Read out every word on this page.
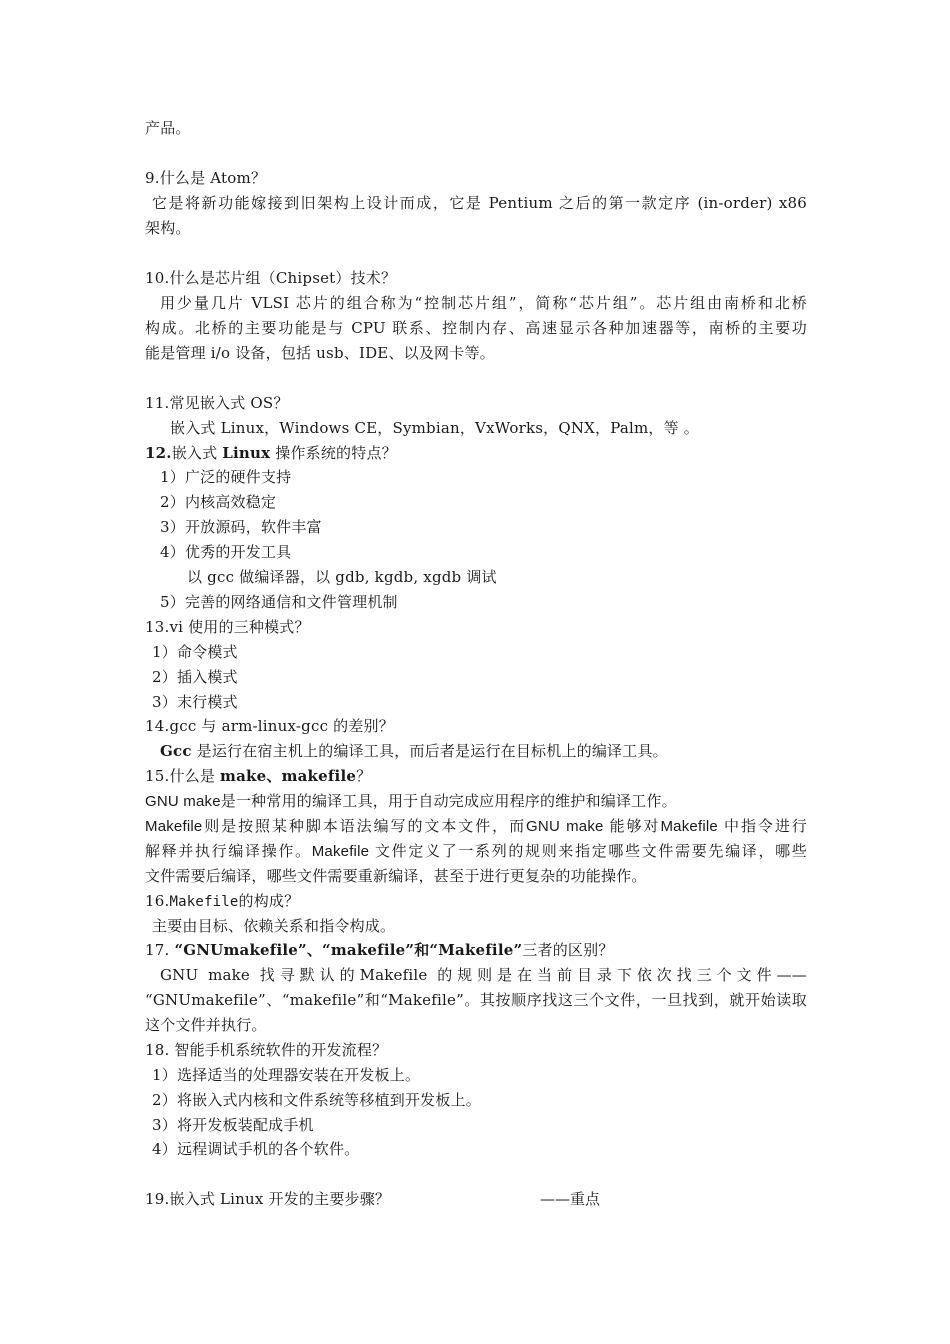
产品。
9.什么是 Atom？
它是将新功能嫁接到旧架构上设计而成，它是 Pentium 之后的第一款定序 (in-order) x86
架构。
10.什么是芯片组（Chipset）技术？
用少量几片 VLSI 芯片的组合称为“控制芯片组”，简称“芯片组”。芯片组由南桥和北桥
构成。北桥的主要功能是与 CPU 联系、控制内存、高速显示各种加速器等，南桥的主要功
能是管理 i/o 设备，包括 usb、IDE、以及网卡等。
11.常见嵌入式 OS？
嵌入式 Linux，Windows CE，Symbian，VxWorks，QNX，Palm，等 。
12.嵌入式 Linux 操作系统的特点？
1）广泛的硬件支持
2）内核高效稳定
3）开放源码，软件丰富
4）优秀的开发工具
以 gcc 做编译器，以 gdb, kgdb, xgdb 调试
5）完善的网络通信和文件管理机制
13.vi 使用的三种模式？
1）命令模式
2）插入模式
3）末行模式
14.gcc 与 arm-linux-gcc 的差别？
Gcc 是运行在宿主机上的编译工具，而后者是运行在目标机上的编译工具。
15.什么是 make、makefile？
GNU make是一种常用的编译工具，用于自动完成应用程序的维护和编译工作。
Makefile则是按照某种脚本语法编写的文本文件，而GNU make 能够对Makefile 中指令进行
解释并执行编译操作。Makefile 文件定义了一系列的规则来指定哪些文件需要先编译，哪些
文件需要后编译，哪些文件需要重新编译，甚至于进行更复杂的功能操作。
16.Makefile的构成？
主要由目标、依赖关系和指令构成。
17. “GNUmakefile”、“makefile”和“Makefile”三者的区别？
GNU make 找寻默认的Makefile 的规则是在当前目录下依次找三个文件——
“GNUmakefile”、“makefile”和“Makefile”。其按顺序找这三个文件，一旦找到，就开始读取
这个文件并执行。
18. 智能手机系统软件的开发流程？
1）选择适当的处理器安装在开发板上。
2）将嵌入式内核和文件系统等移植到开发板上。
3）将开发板装配成手机
4）远程调试手机的各个软件。
19.嵌入式 Linux 开发的主要步骤？	——重点
